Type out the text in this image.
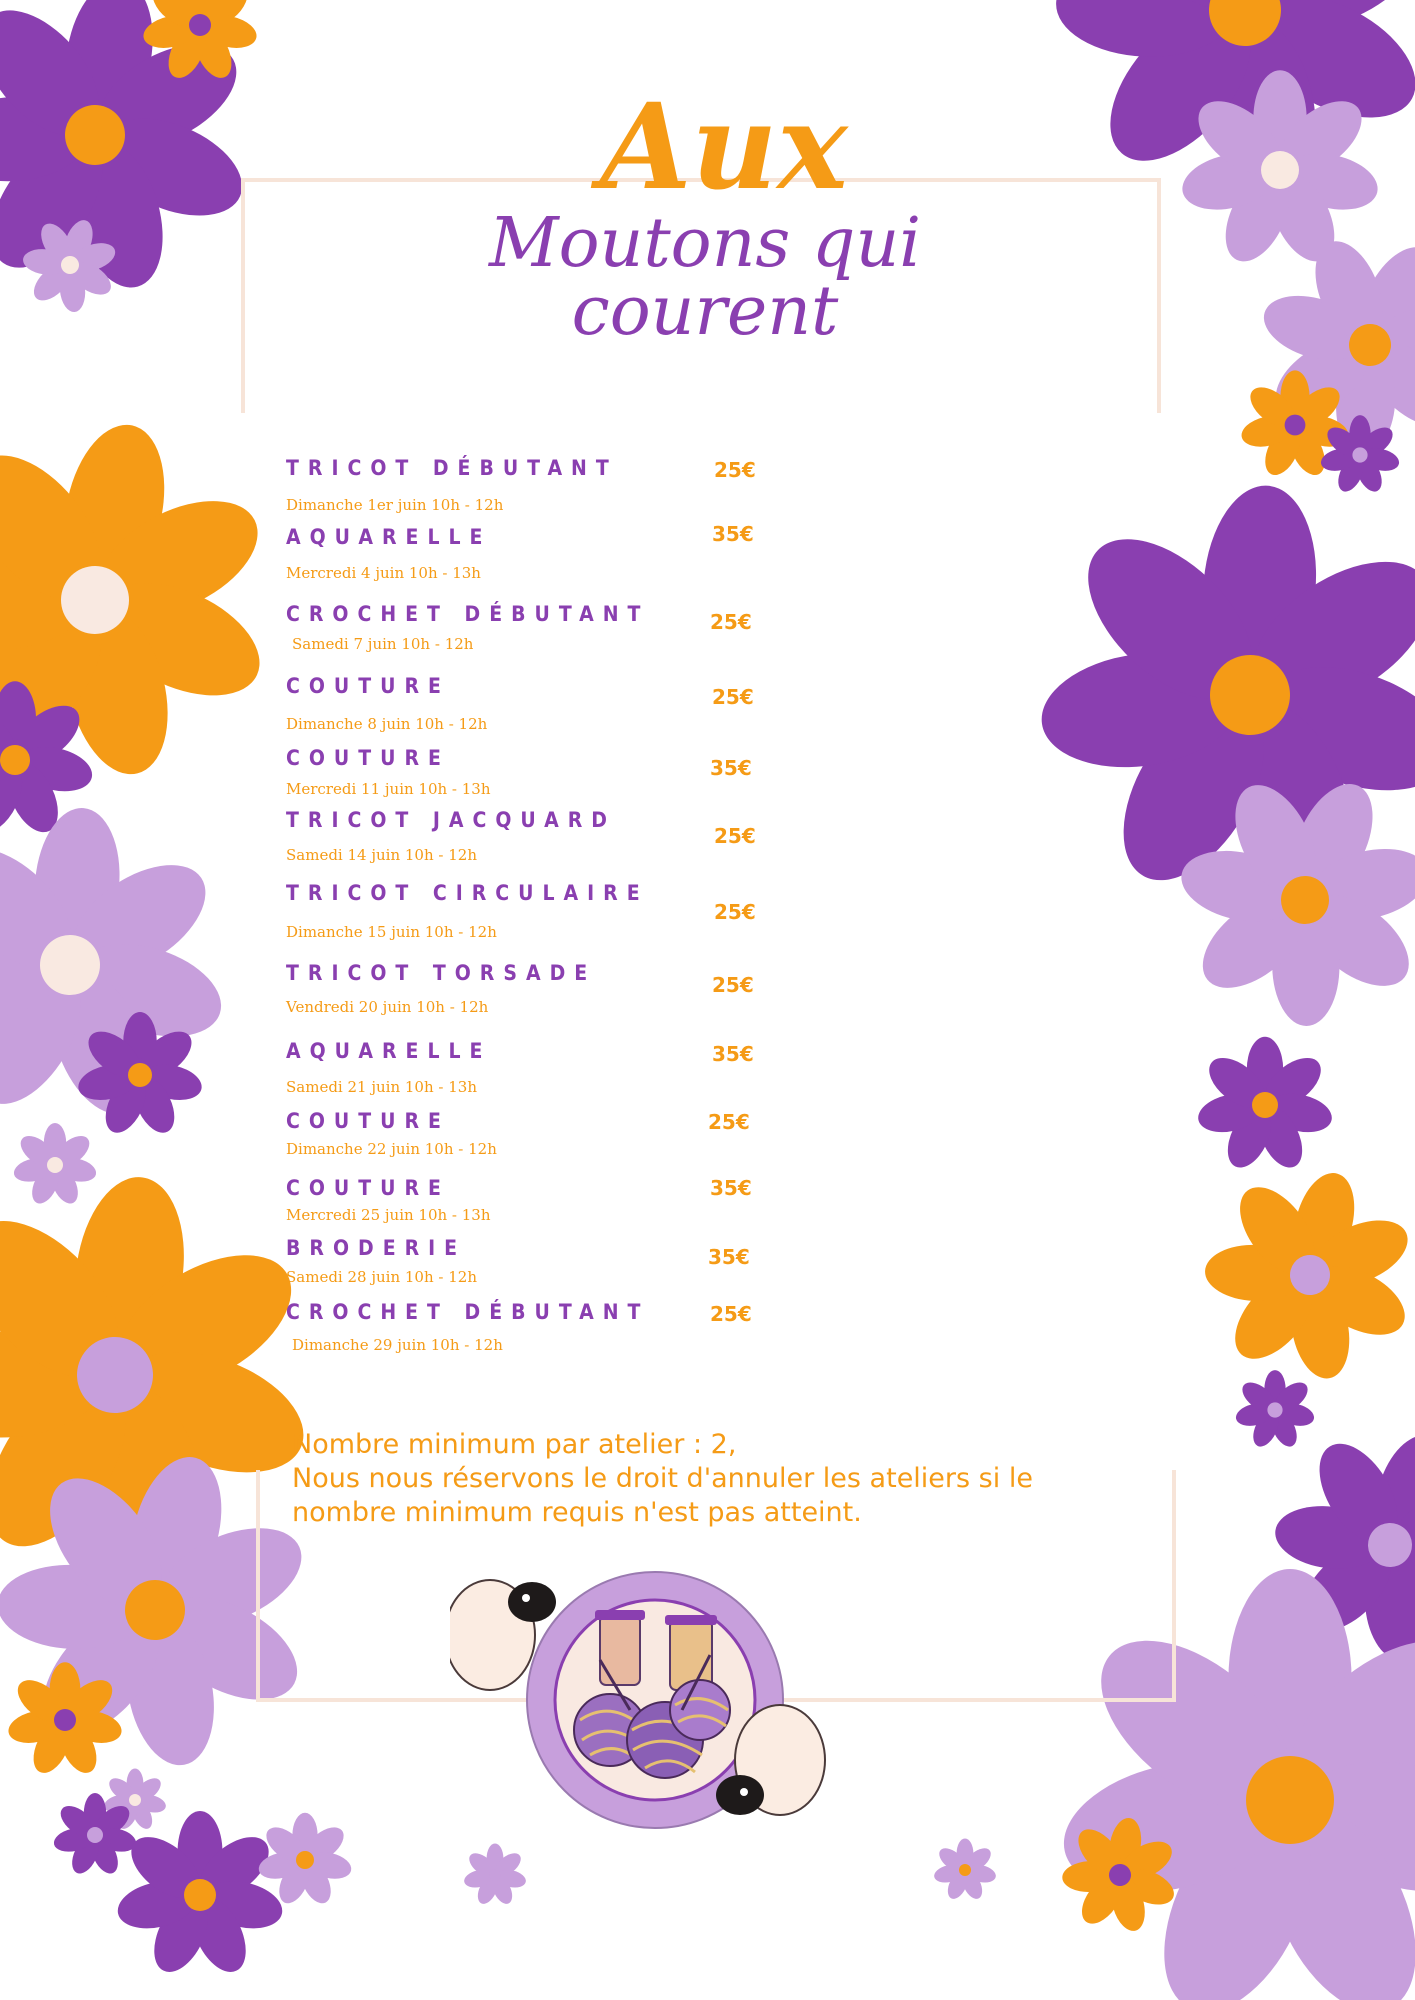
Aux
Moutons qui courent
TRICOT DÉBUTANT
Dimanche 1er juin 10h - 12h
25€
AQUARELLE
Mercredi 4 juin 10h - 13h
35€
CROCHET DÉBUTANT
Samedi 7 juin 10h - 12h
25€
COUTURE
Dimanche 8 juin 10h - 12h
25€
COUTURE
Mercredi 11 juin 10h - 13h
35€
TRICOT JACQUARD
Samedi 14 juin 10h - 12h
25€
TRICOT CIRCULAIRE
Dimanche 15 juin 10h - 12h
25€
TRICOT TORSADE
Vendredi 20 juin 10h - 12h
25€
AQUARELLE
Samedi 21 juin 10h - 13h
35€
COUTURE
Dimanche 22 juin 10h - 12h
25€
COUTURE
Mercredi 25 juin 10h - 13h
35€
BRODERIE
Samedi 28 juin 10h - 12h
35€
CROCHET DÉBUTANT
Dimanche 29 juin 10h - 12h
25€
Nombre minimum par atelier : 2,
Nous nous réservons le droit d'annuler les ateliers si le
nombre minimum requis n'est pas atteint.
